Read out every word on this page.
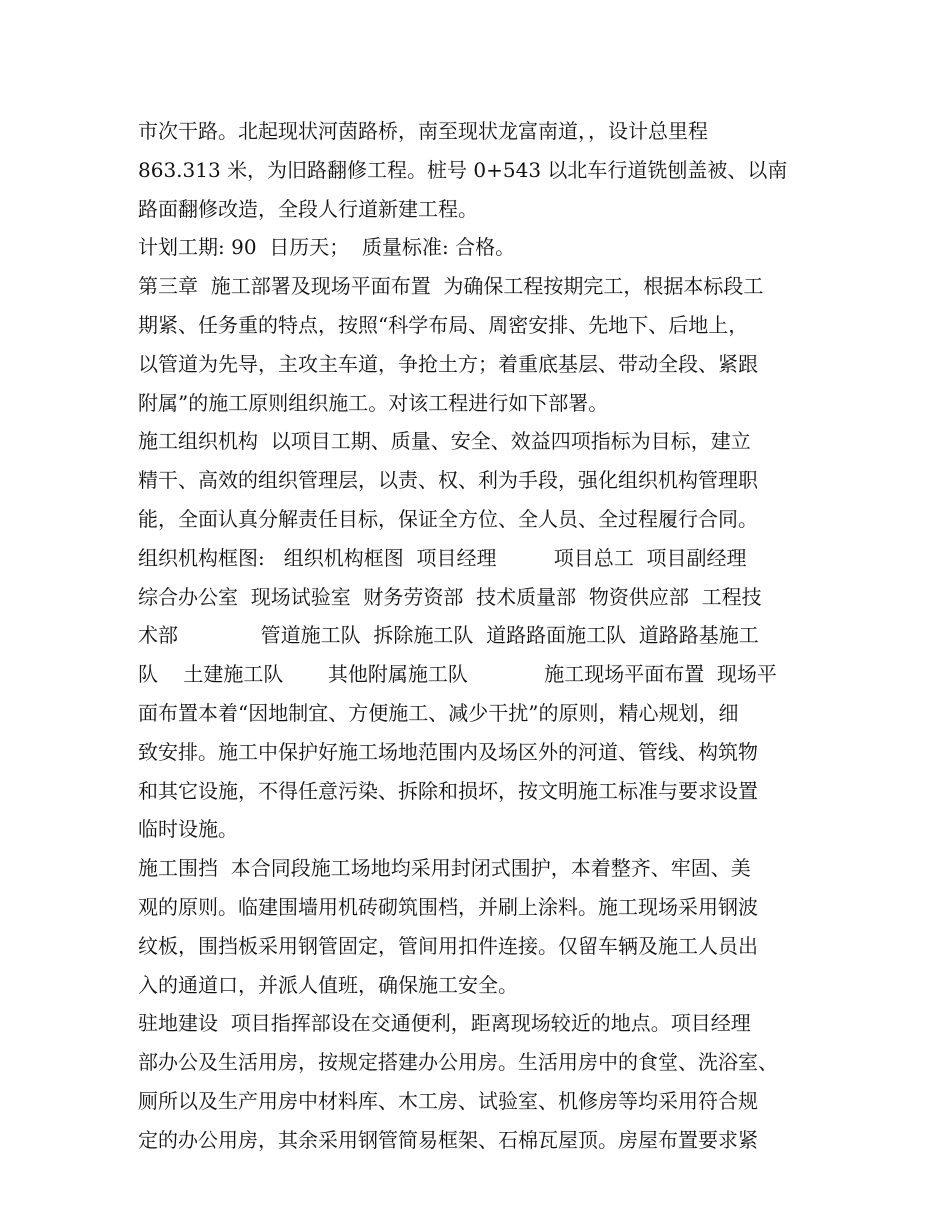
市次干路。北起现状河茵路桥，南至现状龙富南道，，设计总里程
863.313 米，为旧路翻修工程。桩号 0+543 以北车行道铣刨盖被、以南
路面翻修改造，全段人行道新建工程。
计划工期: 90  日历天；  质量标准: 合格。
第三章  施工部署及现场平面布置  为确保工程按期完工，根据本标段工
期紧、任务重的特点，按照“科学布局、周密安排、先地下、后地上，
以管道为先导，主攻主车道，争抢土方；着重底基层、带动全段、紧跟
附属”的施工原则组织施工。对该工程进行如下部署。
施工组织机构  以项目工期、质量、安全、效益四项指标为目标，建立
精干、高效的组织管理层，以责、权、利为手段，强化组织机构管理职
能，全面认真分解责任目标，保证全方位、全人员、全过程履行合同。
组织机构框图:   组织机构框图  项目经理         项目总工  项目副经理
综合办公室  现场试验室  财务劳资部  技术质量部  物资供应部  工程技
术部             管道施工队  拆除施工队  道路路面施工队  道路路基施工
队    土建施工队       其他附属施工队            施工现场平面布置  现场平
面布置本着“因地制宜、方便施工、减少干扰”的原则，精心规划，细
致安排。施工中保护好施工场地范围内及场区外的河道、管线、构筑物
和其它设施，不得任意污染、拆除和损坏，按文明施工标准与要求设置
临时设施。
施工围挡  本合同段施工场地均采用封闭式围护，本着整齐、牢固、美
观的原则。临建围墙用机砖砌筑围档，并刷上涂料。施工现场采用钢波
纹板，围挡板采用钢管固定，管间用扣件连接。仅留车辆及施工人员出
入的通道口，并派人值班，确保施工安全。
驻地建设  项目指挥部设在交通便利，距离现场较近的地点。项目经理
部办公及生活用房，按规定搭建办公用房。生活用房中的食堂、洗浴室、
厕所以及生产用房中材料库、木工房、试验室、机修房等均采用符合规
定的办公用房，其余采用钢管简易框架、石棉瓦屋顶。房屋布置要求紧
